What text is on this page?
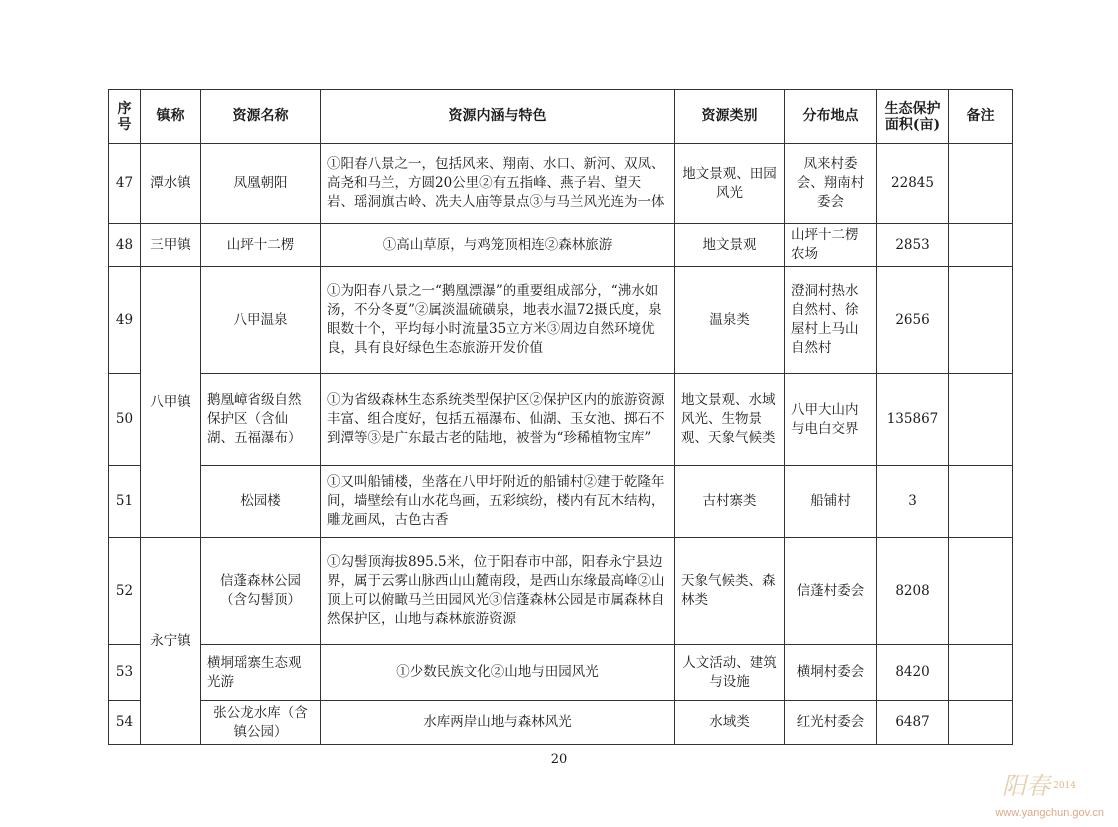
序号	镇称	资源名称	资源内涵与特色	资源类别	分布地点	生态保护面积(亩)	备注
47	潭水镇	凤凰朝阳	①阳春八景之一，包括风来、翔南、水口、新河、双凤、高尧和马兰，方圆20公里②有五指峰、燕子岩、望天岩、瑶洞旗古岭、冼夫人庙等景点③与马兰风光连为一体	地文景观、田园风光	凤来村委会、翔南村委会	22845	
48	三甲镇	山坪十二楞	①高山草原，与鸡笼顶相连②森林旅游	地文景观	山坪十二楞农场	2853	
49	八甲镇	八甲温泉	①为阳春八景之一“鹅凰漂瀑”的重要组成部分，“沸水如汤，不分冬夏”②属淡温硫磺泉，地表水温72摄氏度，泉眼数十个，平均每小时流量35立方米③周边自然环境优良，具有良好绿色生态旅游开发价值	温泉类	澄洞村热水自然村、徐屋村上马山自然村	2656	
50		鹅凰嶂省级自然保护区（含仙湖、五福瀑布）	①为省级森林生态系统类型保护区②保护区内的旅游资源丰富、组合度好，包括五福瀑布、仙湖、玉女池、掷石不到潭等③是广东最古老的陆地，被誉为“珍稀植物宝库”	地文景观、水域风光、生物景观、天象气候类	八甲大山内与电白交界	135867	
51		松园楼	①又叫船铺楼，坐落在八甲圩附近的船铺村②建于乾隆年间，墙壁绘有山水花鸟画，五彩缤纷，楼内有瓦木结构，雕龙画凤，古色古香	古村寨类	船铺村	3	
52	永宁镇	信蓬森林公园（含勾髻顶）	①勾髻顶海拔895.5米，位于阳春市中部，阳春永宁县边界，属于云雾山脉西山山麓南段，是西山东缘最高峰②山顶上可以俯瞰马兰田园风光③信蓬森林公园是市属森林自然保护区，山地与森林旅游资源	天象气候类、森林类	信蓬村委会	8208	
53		横垌瑶寨生态观光游	①少数民族文化②山地与田园风光	人文活动、建筑与设施	横垌村委会	8420	
54		张公龙水库（含镇公园）	水库两岸山地与森林风光	水域类	红光村委会	6487	
20
阳春 2014
www.yangchun.gov.cn
